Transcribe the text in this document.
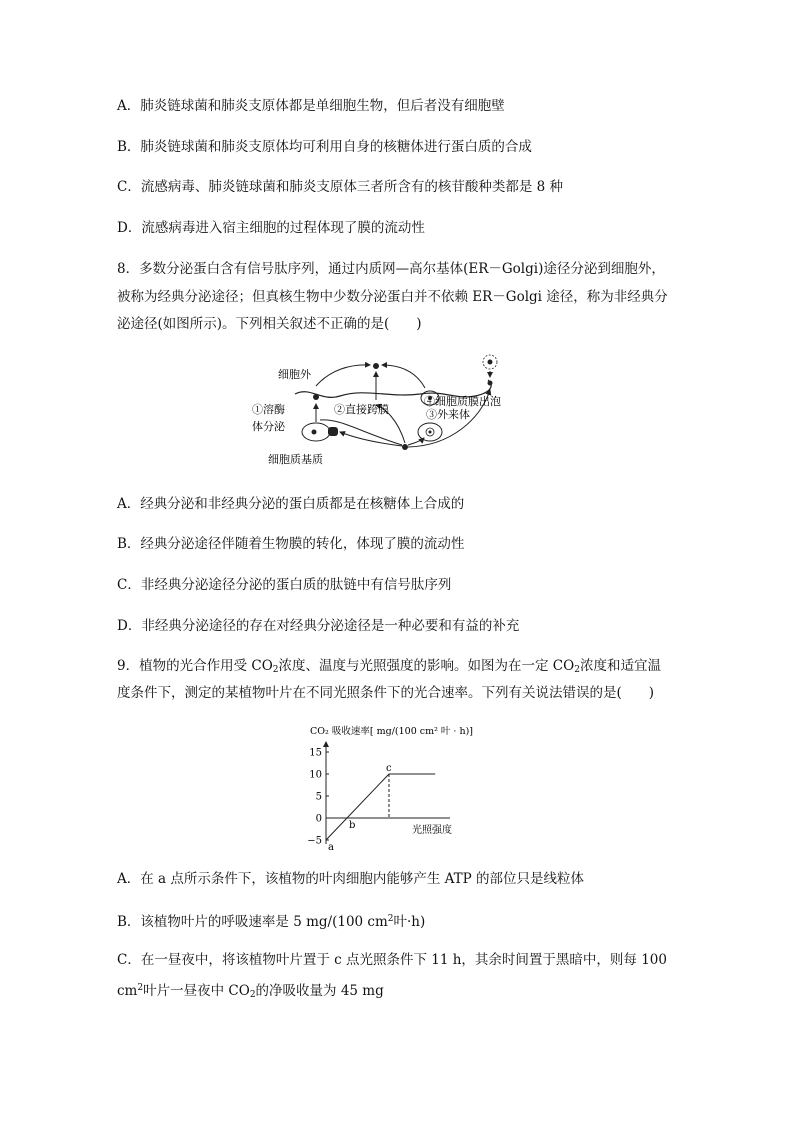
A．肺炎链球菌和肺炎支原体都是单细胞生物，但后者没有细胞壁
B．肺炎链球菌和肺炎支原体均可利用自身的核糖体进行蛋白质的合成
C．流感病毒、肺炎链球菌和肺炎支原体三者所含有的核苷酸种类都是 8 种
D．流感病毒进入宿主细胞的过程体现了膜的流动性
8．多数分泌蛋白含有信号肽序列，通过内质网—高尔基体(ER－Golgi)途径分泌到细胞外，
被称为经典分泌途径；但真核生物中少数分泌蛋白并不依赖 ER－Golgi 途径，称为非经典分
泌途径(如图所示)。下列相关叙述不正确的是(　　)
细胞外
①溶酶
体分泌
②直接跨膜	③外来体
④细胞质膜出泡
细胞质基质
A．经典分泌和非经典分泌的蛋白质都是在核糖体上合成的
B．经典分泌途径伴随着生物膜的转化，体现了膜的流动性
C．非经典分泌途径分泌的蛋白质的肽链中有信号肽序列
D．非经典分泌途径的存在对经典分泌途径是一种必要和有益的补充
9．植物的光合作用受 $CO_2$浓度、温度与光照强度的影响。如图为在一定 $CO_2$浓度和适宜温
度条件下，测定的某植物叶片在不同光照条件下的光合速率。下列有关说法错误的是(　　)
CO₂ 吸收速率[ mg/(100 cm² 叶 · h)]
15
10
5
0
−5
光照强度
a
b
c
A．在 a 点所示条件下，该植物的叶肉细胞内能够产生 ATP 的部位只是线粒体
B．该植物叶片的呼吸速率是 5 mg/(100 $cm^2$叶·h)
C．在一昼夜中，将该植物叶片置于 c 点光照条件下 11 h，其余时间置于黑暗中，则每 100
$cm^2$叶片一昼夜中 $CO_2$的净吸收量为 45 mg
